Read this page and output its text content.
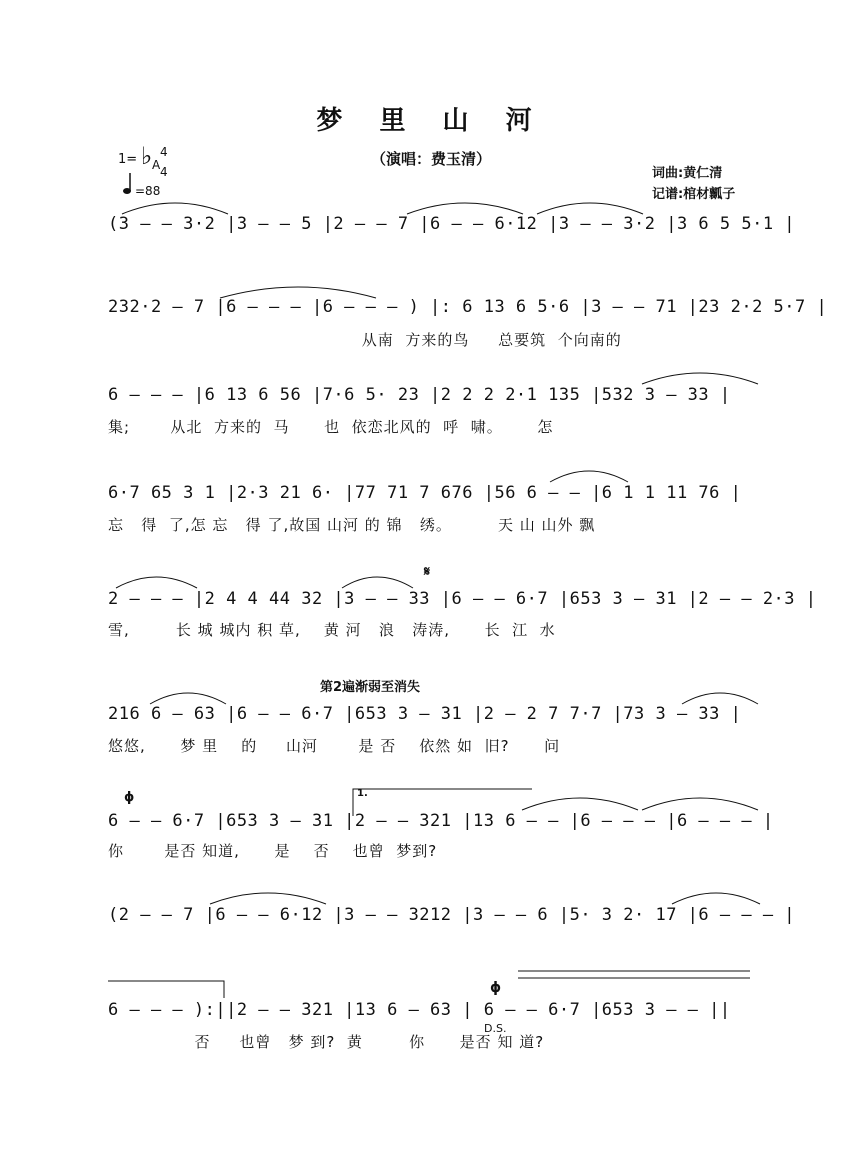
梦 里 山 河
（演唱：费玉清）
词曲:黄仁清
记谱:棺材瓤子
1= ♭ A
4
4
=88
(3 – – 3·2 |3 – – 5 |2 – – 7 |6 – – 6·12 |3 – – 3·2 |3 6 5 5·1 |
232·2 – 7 |6 – – – |6 – – – ) |: 6 13 6 5·6 |3 – – 71 |23 2·2 5·7 |
从南  方来的鸟     总要筑  个向南的
6 – – – |6 13 6 56 |7·6 5· 23 |2 2 2 2·1 135 |532 3 – 33 |
集;       从北  方来的  马      也  依恋北风的  呼  啸。      怎
6·7 65 3 1 |2·3 21 6· |77 71 7 676 |56 6 – – |6 1 1 11 76 |
忘   得  了,怎 忘   得 了,故国 山河 的 锦   绣。        天 山 山外 飘
2 – – – |2 4 4 44 32 |3 – – 33 |6 – – 6·7 |653 3 – 31 |2 – – 2·3 |
𝄋
雪,        长 城 城内 积 草,    黄 河   浪   涛涛,      长  江  水
第2遍渐弱至消失
216 6 – 63 |6 – – 6·7 |653 3 – 31 |2 – 2 7 7·7 |73 3 – 33 |
悠悠,      梦 里    的     山河       是 否    依然 如  旧?      问
ϕ
6 – – 6·7 |653 3 – 31 |2 – – 321 |13 6 – – |6 – – – |6 – – – |
1.
你       是否 知道,      是    否    也曾  梦到?
(2 – – 7 |6 – – 6·12 |3 – – 3212 |3 – – 6 |5· 3 2· 17 |6 – – – |
6 – – – ):||2 – – 321 |13 6 – 63 | 6 – – 6·7 |653 3 – – ||
ϕ
D.S.
否     也曾   梦 到?  黄        你      是否 知 道?
